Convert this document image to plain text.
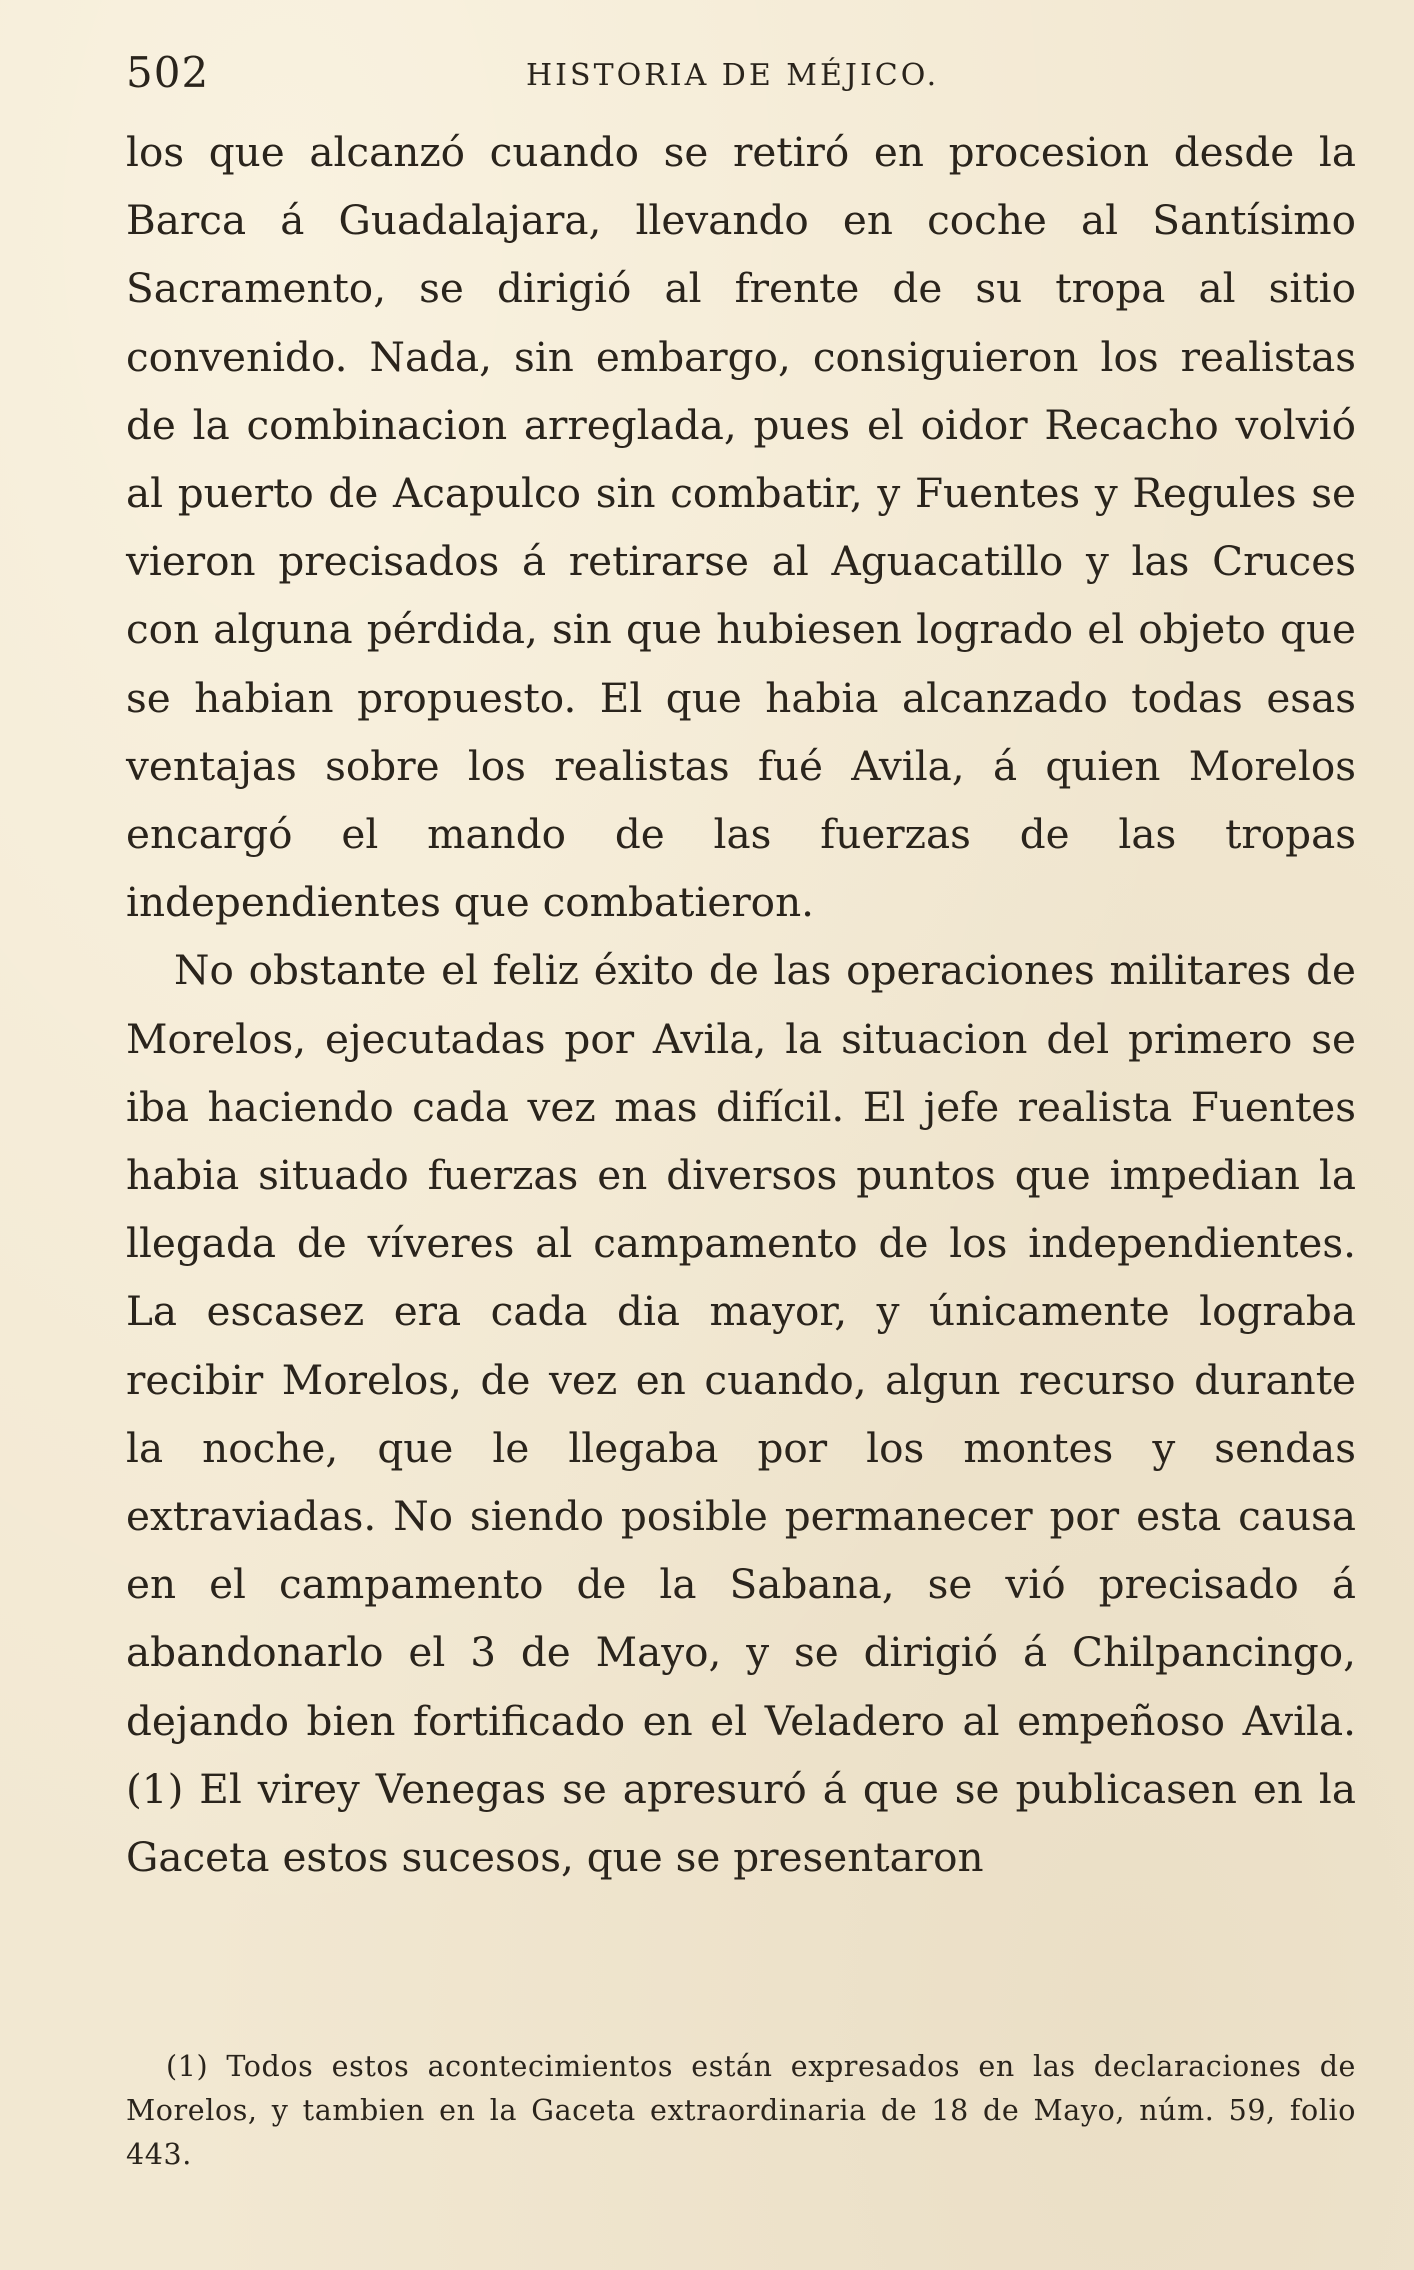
502	HISTORIA DE MÉJICO.

los que alcanzó cuando se retiró en procesion desde la Barca á Guadalajara, llevando en coche al Santísimo Sacramento, se dirigió al frente de su tropa al sitio convenido. Nada, sin embargo, consiguieron los realistas de la combinacion arreglada, pues el oidor Recacho volvió al puerto de Acapulco sin combatir, y Fuentes y Regules se vieron precisados á retirarse al Aguacatillo y las Cruces con alguna pérdida, sin que hubiesen logrado el objeto que se habian propuesto. El que habia alcanzado todas esas ventajas sobre los realistas fué Avila, á quien Morelos encargó el mando de las fuerzas de las tropas independientes que combatieron.

No obstante el feliz éxito de las operaciones militares de Morelos, ejecutadas por Avila, la situacion del primero se iba haciendo cada vez mas difícil. El jefe realista Fuentes habia situado fuerzas en diversos puntos que impedian la llegada de víveres al campamento de los independientes. La escasez era cada dia mayor, y únicamente lograba recibir Morelos, de vez en cuando, algun recurso durante la noche, que le llegaba por los montes y sendas extraviadas. No siendo posible permanecer por esta causa en el campamento de la Sabana, se vió precisado á abandonarlo el 3 de Mayo, y se dirigió á Chilpancingo, dejando bien fortificado en el Veladero al empeñoso Avila. (1) El virey Venegas se apresuró á que se publicasen en la Gaceta estos sucesos, que se presentaron

(1) Todos estos acontecimientos están expresados en las declaraciones de Morelos, y tambien en la Gaceta extraordinaria de 18 de Mayo, núm. 59, folio 443.
